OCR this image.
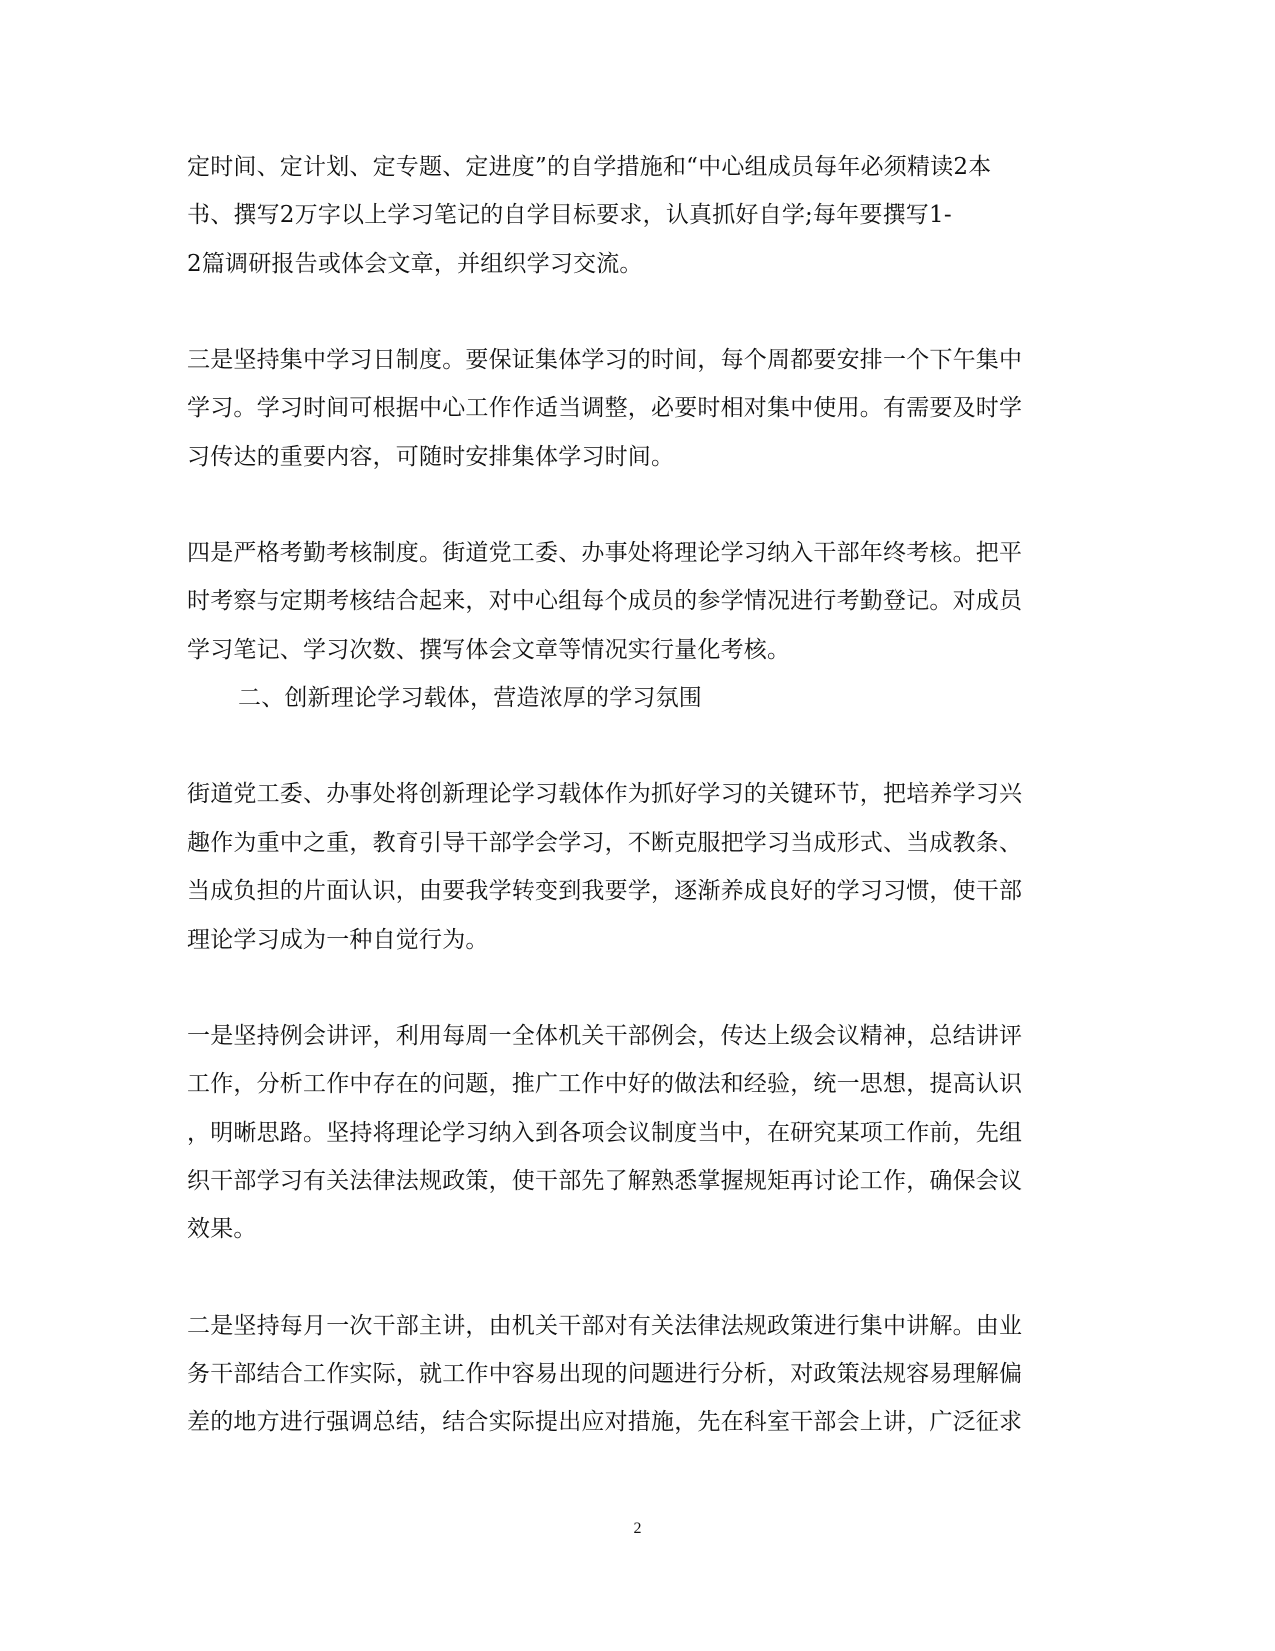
定时间、定计划、定专题、定进度”的自学措施和“中心组成员每年必须精读2本
书、撰写2万字以上学习笔记的自学目标要求，认真抓好自学;每年要撰写1-
2篇调研报告或体会文章，并组织学习交流。
三是坚持集中学习日制度。要保证集体学习的时间，每个周都要安排一个下午集中
学习。学习时间可根据中心工作作适当调整，必要时相对集中使用。有需要及时学
习传达的重要内容，可随时安排集体学习时间。
四是严格考勤考核制度。街道党工委、办事处将理论学习纳入干部年终考核。把平
时考察与定期考核结合起来，对中心组每个成员的参学情况进行考勤登记。对成员
学习笔记、学习次数、撰写体会文章等情况实行量化考核。
二、创新理论学习载体，营造浓厚的学习氛围
街道党工委、办事处将创新理论学习载体作为抓好学习的关键环节，把培养学习兴
趣作为重中之重，教育引导干部学会学习，不断克服把学习当成形式、当成教条、
当成负担的片面认识，由要我学转变到我要学，逐渐养成良好的学习习惯，使干部
理论学习成为一种自觉行为。
一是坚持例会讲评，利用每周一全体机关干部例会，传达上级会议精神，总结讲评
工作，分析工作中存在的问题，推广工作中好的做法和经验，统一思想，提高认识
，明晰思路。坚持将理论学习纳入到各项会议制度当中，在研究某项工作前，先组
织干部学习有关法律法规政策，使干部先了解熟悉掌握规矩再讨论工作，确保会议
效果。
二是坚持每月一次干部主讲，由机关干部对有关法律法规政策进行集中讲解。由业
务干部结合工作实际，就工作中容易出现的问题进行分析，对政策法规容易理解偏
差的地方进行强调总结，结合实际提出应对措施，先在科室干部会上讲，广泛征求
2
